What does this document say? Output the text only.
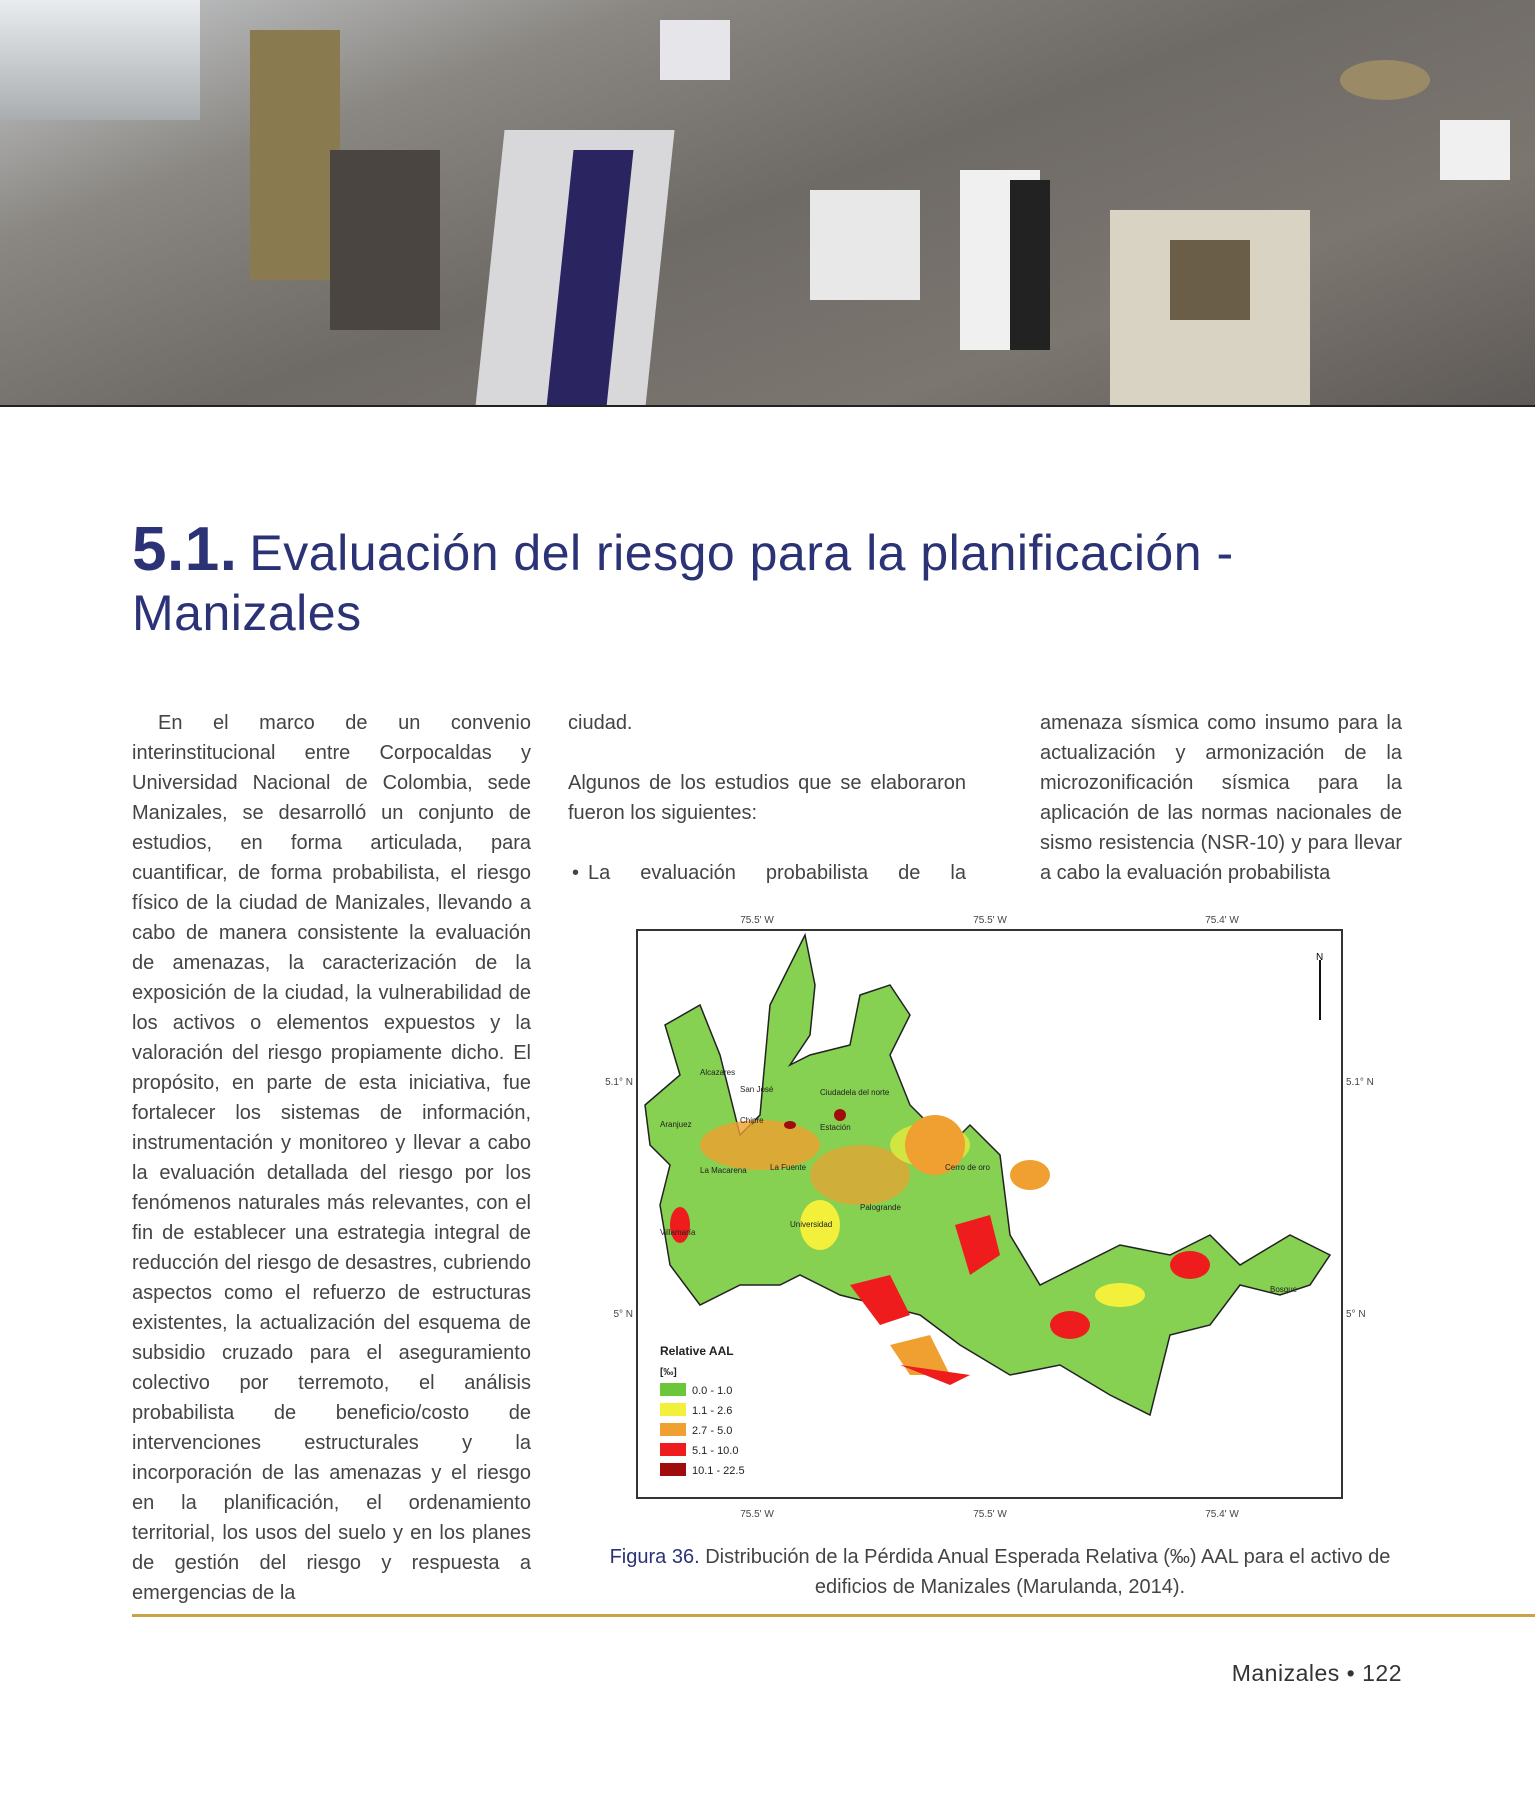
5.1. Evaluación del riesgo para la planificación - Manizales
En el marco de un convenio interinstitucional entre Corpocaldas y Universidad Nacional de Colombia, sede Manizales, se desarrolló un conjunto de estudios, en forma articulada, para cuantificar, de forma probabilista, el riesgo físico de la ciudad de Manizales, llevando a cabo de manera consistente la evaluación de amenazas, la caracterización de la exposición de la ciudad, la vulnerabilidad de los activos o elementos expuestos y la valoración del riesgo propiamente dicho. El propósito, en parte de esta iniciativa, fue fortalecer los sistemas de información, instrumentación y monitoreo y llevar a cabo la evaluación detallada del riesgo por los fenómenos naturales más relevantes, con el fin de establecer una estrategia integral de reducción del riesgo de desastres, cubriendo aspectos como el refuerzo de estructuras existentes, la actualización del esquema de subsidio cruzado para el aseguramiento colectivo por terremoto, el análisis probabilista de beneficio/costo de intervenciones estructurales y la incorporación de las amenazas y el riesgo en la planificación, el ordenamiento territorial, los usos del suelo y en los planes de gestión del riesgo y respuesta a emergencias de la

ciudad.

Algunos de los estudios que se elaboraron fueron los siguientes:

• La evaluación probabilista de la
amenaza sísmica como insumo para la actualización y armonización de la microzonificación sísmica para la aplicación de las normas nacionales de sismo resistencia (NSR-10) y para llevar a cabo la evaluación probabilista
75.5' W	75.5' W	75.4' W
75.5' W	75.5' W	75.4' W
5.1° N
5° N
5.1° N
5° N
Alcazares
San José	Ciudadela del norte
Aranjuez	Estación
Chipre
La Fuente
La Macarena	Cerro de oro
Palogrande
Universidad
Villamaría
Bosque
N
Relative AAL
[‰]
0.0 - 1.0
1.1 - 2.6
2.7 - 5.0
5.1 - 10.0
10.1 - 22.5
Figura 36. Distribución de la Pérdida Anual Esperada Relativa (‰) AAL para el activo de edificios de Manizales (Marulanda, 2014).
Manizales • 122
